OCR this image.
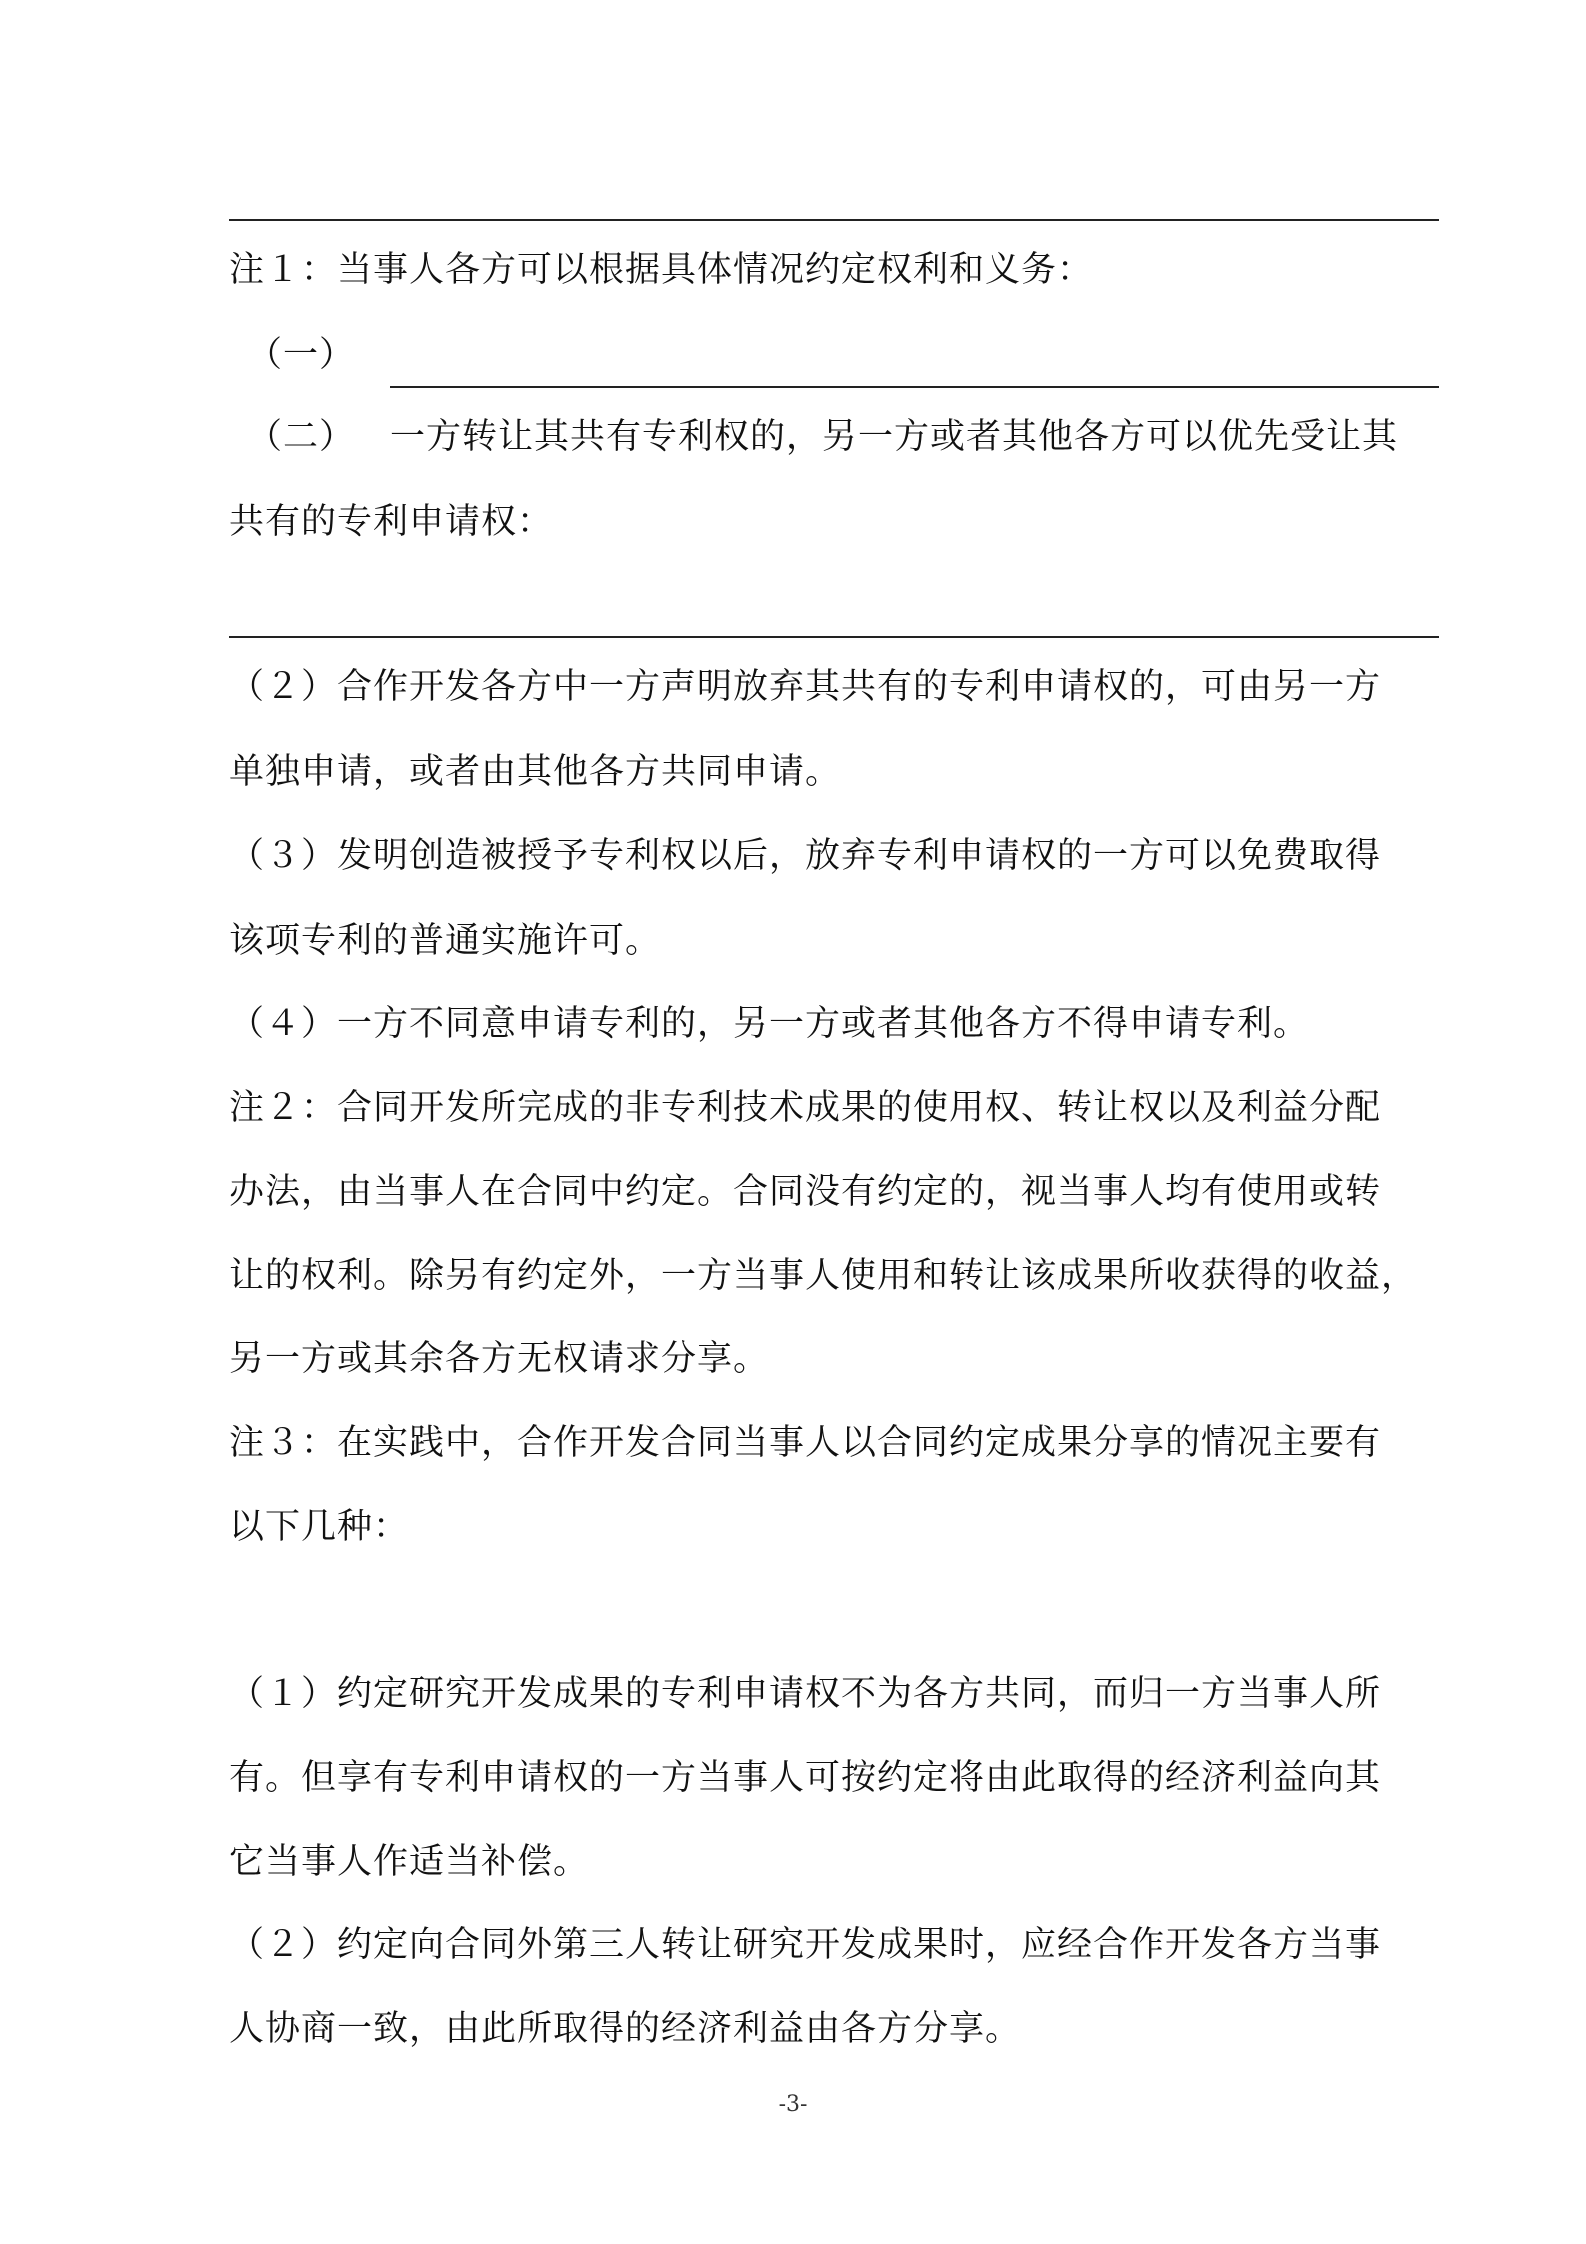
注１：当事人各方可以根据具体情况约定权利和义务：
（一）
（二） 一方转让其共有专利权的，另一方或者其他各方可以优先受让其
共有的专利申请权：
（２）合作开发各方中一方声明放弃其共有的专利申请权的，可由另一方
单独申请，或者由其他各方共同申请。
（３）发明创造被授予专利权以后，放弃专利申请权的一方可以免费取得
该项专利的普通实施许可。
（４）一方不同意申请专利的，另一方或者其他各方不得申请专利。
注２：合同开发所完成的非专利技术成果的使用权、转让权以及利益分配
办法，由当事人在合同中约定。合同没有约定的，视当事人均有使用或转
让的权利。除另有约定外，一方当事人使用和转让该成果所收获得的收益，
另一方或其余各方无权请求分享。
注３：在实践中，合作开发合同当事人以合同约定成果分享的情况主要有
以下几种：
（１）约定研究开发成果的专利申请权不为各方共同，而归一方当事人所
有。但享有专利申请权的一方当事人可按约定将由此取得的经济利益向其
它当事人作适当补偿。
（２）约定向合同外第三人转让研究开发成果时，应经合作开发各方当事
人协商一致，由此所取得的经济利益由各方分享。
-3-
